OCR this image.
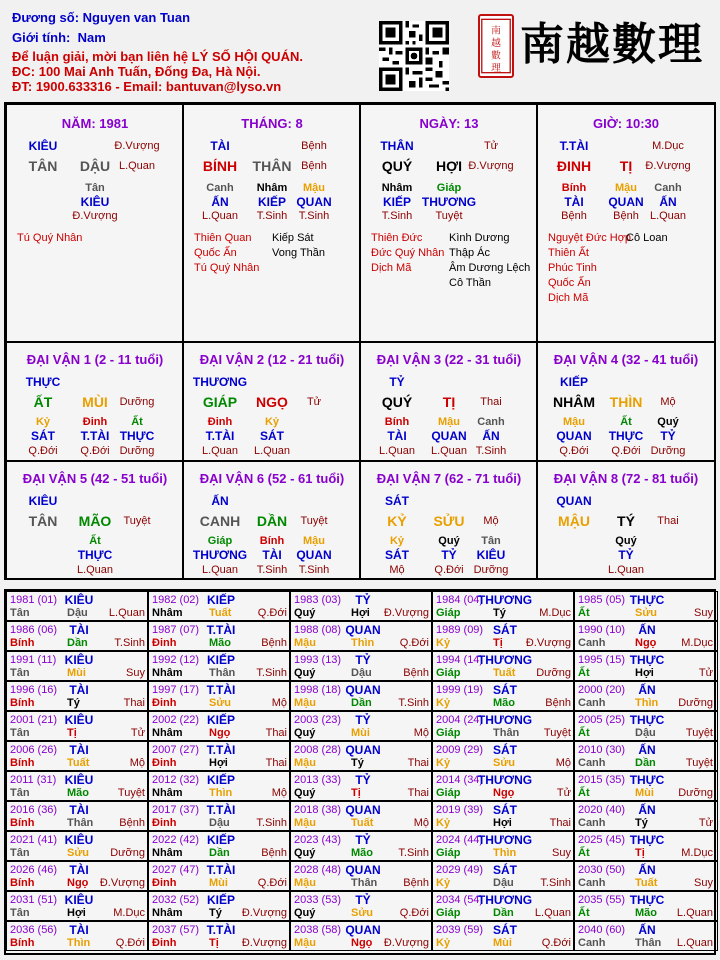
Đương số: Nguyen van Tuan
Giới tính: Nam
Để luận giải, mời bạn liên hệ LÝ SỐ HỘI QUÁN.
ĐC: 100 Mai Anh Tuấn, Đống Đa, Hà Nội.
ĐT: 1900.633316 - Email: bantuvan@lyso.vn
南
越
數
理 南越數理
NĂM: 1981
KIÊU	Đ.Vượng
TÂN DẬU L.Quan
Tân
KIÊU
Đ.Vượng
Tú Quý Nhân
THÁNG: 8
TÀI	Bệnh
BÍNH THÂN Bệnh
Canh
ẤN
L.Quan
Nhâm
KIẾP
T.Sinh
Mậu
QUAN
T.Sinh
Thiên Quan
Quốc Ấn
Tú Quý Nhân
Kiếp Sát
Vong Thần
NGÀY: 13
THÂN	Tử
QUÝ HỢI Đ.Vượng
Nhâm
KIẾP
T.Sinh
Giáp
THƯƠNG
Tuyệt
Thiên Đức
Đức Quý Nhân
Dịch Mã
Kình Dương
Thập Ác
Âm Dương Lệch
Cô Thần
GIỜ: 10:30
T.TÀI	M.Dục
ĐINH TỊ Đ.Vượng
Bính
TÀI
Bệnh
Mậu
QUAN
Bệnh
Canh
ẤN
L.Quan
Nguyệt Đức Hợp
Thiên Ất
Phúc Tinh
Quốc Ấn
Dịch Mã
Cô Loan
ĐẠI VẬN 1 (2 - 11 tuổi)
THỰC
ẤT MÙI Dưỡng
Kỷ
SÁT
Q.Đới
Đinh
T.TÀI
Q.Đới
Ất
THỰC
Dưỡng
ĐẠI VẬN 2 (12 - 21 tuổi)
THƯƠNG
GIÁP NGỌ Tử
Đinh
T.TÀI
L.Quan
Kỷ
SÁT
L.Quan
ĐẠI VẬN 3 (22 - 31 tuổi)
TỶ
QUÝ TỊ Thai
Bính
TÀI
L.Quan
Mậu
QUAN
L.Quan
Canh
ẤN
T.Sinh
ĐẠI VẬN 4 (32 - 41 tuổi)
KIẾP
NHÂM THÌN Mộ
Mậu
QUAN
Q.Đới
Ất
THỰC
Q.Đới
Quý
TỶ
Dưỡng
ĐẠI VẬN 5 (42 - 51 tuổi)
KIÊU
TÂN MÃO Tuyệt
Ất
THỰC
L.Quan
ĐẠI VẬN 6 (52 - 61 tuổi)
ẤN
CANH DẦN Tuyệt
Giáp
THƯƠNG
L.Quan
Bính
TÀI
T.Sinh
Mậu
QUAN
T.Sinh
ĐẠI VẬN 7 (62 - 71 tuổi)
SÁT
KỶ SỬU Mộ
Kỷ
SÁT
Mộ
Quý
TỶ
Q.Đới
Tân
KIÊU
Dưỡng
ĐẠI VẬN 8 (72 - 81 tuổi)
QUAN
MẬU TÝ Thai
Quý
TỶ
L.Quan
1981 (01) KIÊU
Tân	Dậu L.Quan
1982 (02) KIẾP
Nhâm Tuất Q.Đới
1983 (03) TỶ
Quý	Hợi Đ.Vượng
1984 (04)
THƯƠNG
Giáp	Tý	M.Dục
1985 (05) THỰC
Ất	Sửu	Suy
1986 (06) TÀI
Bính	Dần T.Sinh
1987 (07) T.TÀI
Đinh	Mão	Bệnh
1988 (08) QUAN
Mậu	Thìn Q.Đới
1989 (09) SÁT
Kỷ	Tị Đ.Vượng
1990 (10) ẤN
Canh	Ngọ M.Dục
1991 (11) KIÊU
Tân	Mùi	Suy
1992 (12) KIẾP
Nhâm Thân T.Sinh
1993 (13) TỶ
Quý	Dậu	Bệnh
1994 (14)
THƯƠNG
Giáp	Tuất Dưỡng
1995 (15) THỰC
Ất	Hợi	Tử
1996 (16) TÀI
Bính	Tý	Thai
1997 (17) T.TÀI
Đinh	Sửu	Mộ
1998 (18) QUAN
Mậu	Dần T.Sinh
1999 (19) SÁT
Kỷ	Mão	Bệnh
2000 (20) ẤN
Canh	Thìn Dưỡng
2001 (21) KIÊU
Tân	Tị	Tử
2002 (22) KIẾP
Nhâm Ngọ	Thai
2003 (23) TỶ
Quý	Mùi	Mộ
2004 (24)
THƯƠNG
Giáp	Thân Tuyệt
2005 (25) THỰC
Ất	Dậu	Tuyệt
2006 (26) TÀI
Bính	Tuất	Mộ
2007 (27) T.TÀI
Đinh	Hợi	Thai
2008 (28) QUAN
Mậu	Tý	Thai
2009 (29) SÁT
Kỷ	Sửu	Mộ
2010 (30) ẤN
Canh	Dần	Tuyệt
2011 (31) KIÊU
Tân	Mão	Tuyệt
2012 (32) KIẾP
Nhâm Thìn	Mộ
2013 (33) TỶ
Quý	Tị	Thai
2014 (34)
THƯƠNG
Giáp	Ngọ	Tử
2015 (35) THỰC
Ất	Mùi Dưỡng
2016 (36) TÀI
Bính	Thân Bệnh
2017 (37) T.TÀI
Đinh	Dậu T.Sinh
2018 (38) QUAN
Mậu	Tuất	Mộ
2019 (39) SÁT
Kỷ	Hợi	Thai
2020 (40) ẤN
Canh	Tý	Tử
2021 (41) KIÊU
Tân	Sửu Dưỡng
2022 (42) KIẾP
Nhâm Dần	Bệnh
2023 (43) TỶ
Quý	Mão T.Sinh
2024 (44)
THƯƠNG
Giáp	Thìn	Suy
2025 (45) THỰC
Ất	Tị	M.Dục
2026 (46) TÀI
Bính	Ngọ Đ.Vượng
2027 (47) T.TÀI
Đinh	Mùi	Q.Đới
2028 (48) QUAN
Mậu	Thân Bệnh
2029 (49) SÁT
Kỷ	Dậu T.Sinh
2030 (50) ẤN
Canh	Tuất	Suy
2031 (51) KIÊU
Tân	Hợi M.Dục
2032 (52) KIẾP
Nhâm Tý Đ.Vượng
2033 (53) TỶ
Quý	Sửu Q.Đới
2034 (54)
THƯƠNG
Giáp	Dần L.Quan
2035 (55) THỰC
Ất	Mão L.Quan
2036 (56) TÀI
Bính	Thìn Q.Đới
2037 (57) T.TÀI
Đinh	Tị Đ.Vượng
2038 (58) QUAN
Mậu	Ngọ Đ.Vượng
2039 (59) SÁT
Kỷ	Mùi	Q.Đới
2040 (60) ẤN
Canh	Thân L.Quan
